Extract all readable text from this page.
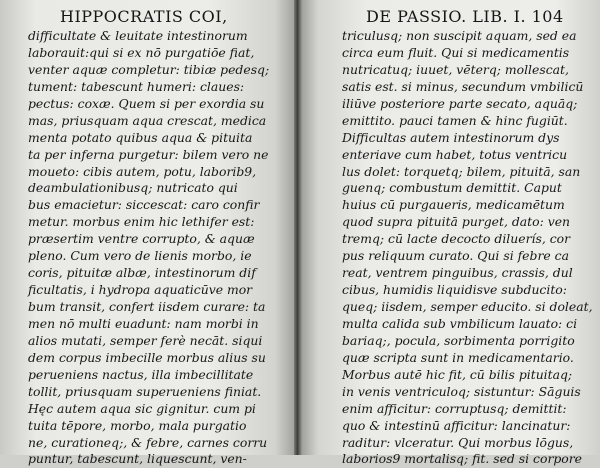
HIPPOCRATIS COI,
difficultate & leuitate intestinorum
laborauit:qui si ex nō purgatiōe fiat,
venter aquæ completur: tibiæ pedesq;
tument: tabescunt humeri: claues:
pectus: coxæ. Quem si per exordia su
mas, priusquam aqua crescat, medica
menta potato quibus aqua & pituita
ta per inferna purgetur: bilem vero ne
moueto: cibis autem, potu, laborib9,
deambulationibusq; nutricato qui
bus emacietur: siccescat: caro confir
metur. morbus enim hic lethifer est:
præsertim ventre corrupto, & aquæ
pleno. Cum vero de lienis morbo, ie
coris, pituitæ albæ, intestinorum dif
ficultatis, i hydropa aquaticūve mor
bum transit, confert iisdem curare: ta
men nō multi euadunt: nam morbi in
alios mutati, semper ferè necāt. siqui
dem corpus imbecille morbus alius su
perueniens nactus, illa imbecillitate
tollit, priusquam superueniens finiat.
Hęc autem aqua sic gignitur. cum pi
tuita tēpore, morbo, mala purgatio
ne, curationeq;, & febre, carnes corru
puntur, tabescunt, liquescunt, ven-
DE PASSIO. LIB. I. 104
triculusq; non suscipit aquam, sed ea
circa eum fluit. Qui si medicamentis
nutricatuq; iuuet, vēterq; mollescat,
satis est. si minus, secundum vmbilicū
iliūve posteriore parte secato, aquāq;
emittito. pauci tamen & hinc fugiūt.
Difficultas autem intestinorum dys
enteriave cum habet, totus ventricu
lus dolet: torquetq; bilem, pituitā, san
guenq; combustum demittit. Caput
huius cū purgaueris, medicamētum
quod supra pituitā purget, dato: ven
tremq; cū lacte decocto diluerís, cor
pus reliquum curato. Qui si febre ca
reat, ventrem pinguibus, crassis, dul
cibus, humidis liquidisve subducito:
queq; iisdem, semper educito. si doleat,
multa calida sub vmbilicum lauato: ci
bariaq;, pocula, sorbimenta porrigito
quæ scripta sunt in medicamentario.
Morbus autē hic fit, cū bilis pituitaq;
in venis ventriculoq; sistuntur: Sāguis
enim afficitur: corruptusq; demittit:
quo & intestinū afficitur: lancinatur:
raditur: vlceratur. Qui morbus lōgus,
laborios9 mortalisq; fit. sed si corpore
